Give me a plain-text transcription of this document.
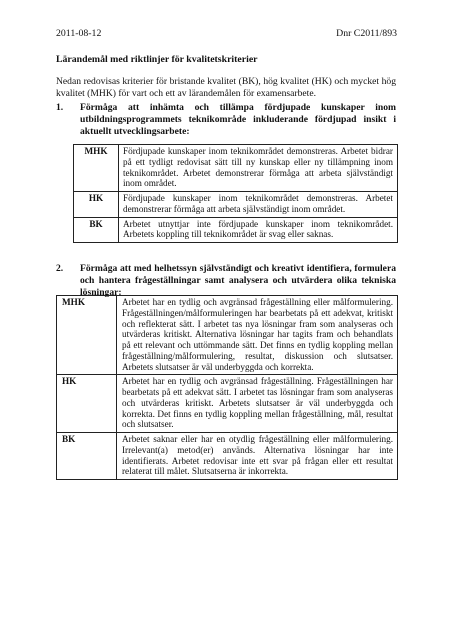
2011-08-12	Dnr C2011/893
Lärandemål med riktlinjer för kvalitetskriterier
Nedan redovisas kriterier för bristande kvalitet (BK), hög kvalitet (HK) och mycket hög kvalitet (MHK) för vart och ett av lärandemålen för examensarbete.
1. Förmåga att inhämta och tillämpa fördjupade kunskaper inom utbildningsprogrammets teknikområde inkluderande fördjupad insikt i aktuellt utvecklingsarbete:
MHK	Fördjupade kunskaper inom teknikområdet demonstreras. Arbetet bidrar på ett tydligt redovisat sätt till ny kunskap eller ny tillämpning inom teknikområdet. Arbetet demonstrerar förmåga att arbeta självständigt inom området.
HK	Fördjupade kunskaper inom teknikområdet demonstreras. Arbetet demonstrerar förmåga att arbeta självständigt inom området.
BK	Arbetet utnyttjar inte fördjupade kunskaper inom teknikområdet. Arbetets koppling till teknikområdet är svag eller saknas.
2. Förmåga att med helhetssyn självständigt och kreativt identifiera, formulera och hantera frågeställningar samt analysera och utvärdera olika tekniska lösningar:
MHK	Arbetet har en tydlig och avgränsad frågeställning eller målformulering. Frågeställningen/målformuleringen har bearbetats på ett adekvat, kritiskt och reflekterat sätt. I arbetet tas nya lösningar fram som analyseras och utvärderas kritiskt. Alternativa lösningar har tagits fram och behandlats på ett relevant och uttömmande sätt. Det finns en tydlig koppling mellan frågeställning/målformulering, resultat, diskussion och slutsatser. Arbetets slutsatser är väl underbyggda och korrekta.
HK	Arbetet har en tydlig och avgränsad frågeställning. Frågeställningen har bearbetats på ett adekvat sätt. I arbetet tas lösningar fram som analyseras och utvärderas kritiskt. Arbetets slutsatser är väl underbyggda och korrekta. Det finns en tydlig koppling mellan frågeställning, mål, resultat och slutsatser.
BK	Arbetet saknar eller har en otydlig frågeställning eller målformulering. Irrelevant(a) metod(er) används. Alternativa lösningar har inte identifierats. Arbetet redovisar inte ett svar på frågan eller ett resultat relaterat till målet. Slutsatserna är inkorrekta.
